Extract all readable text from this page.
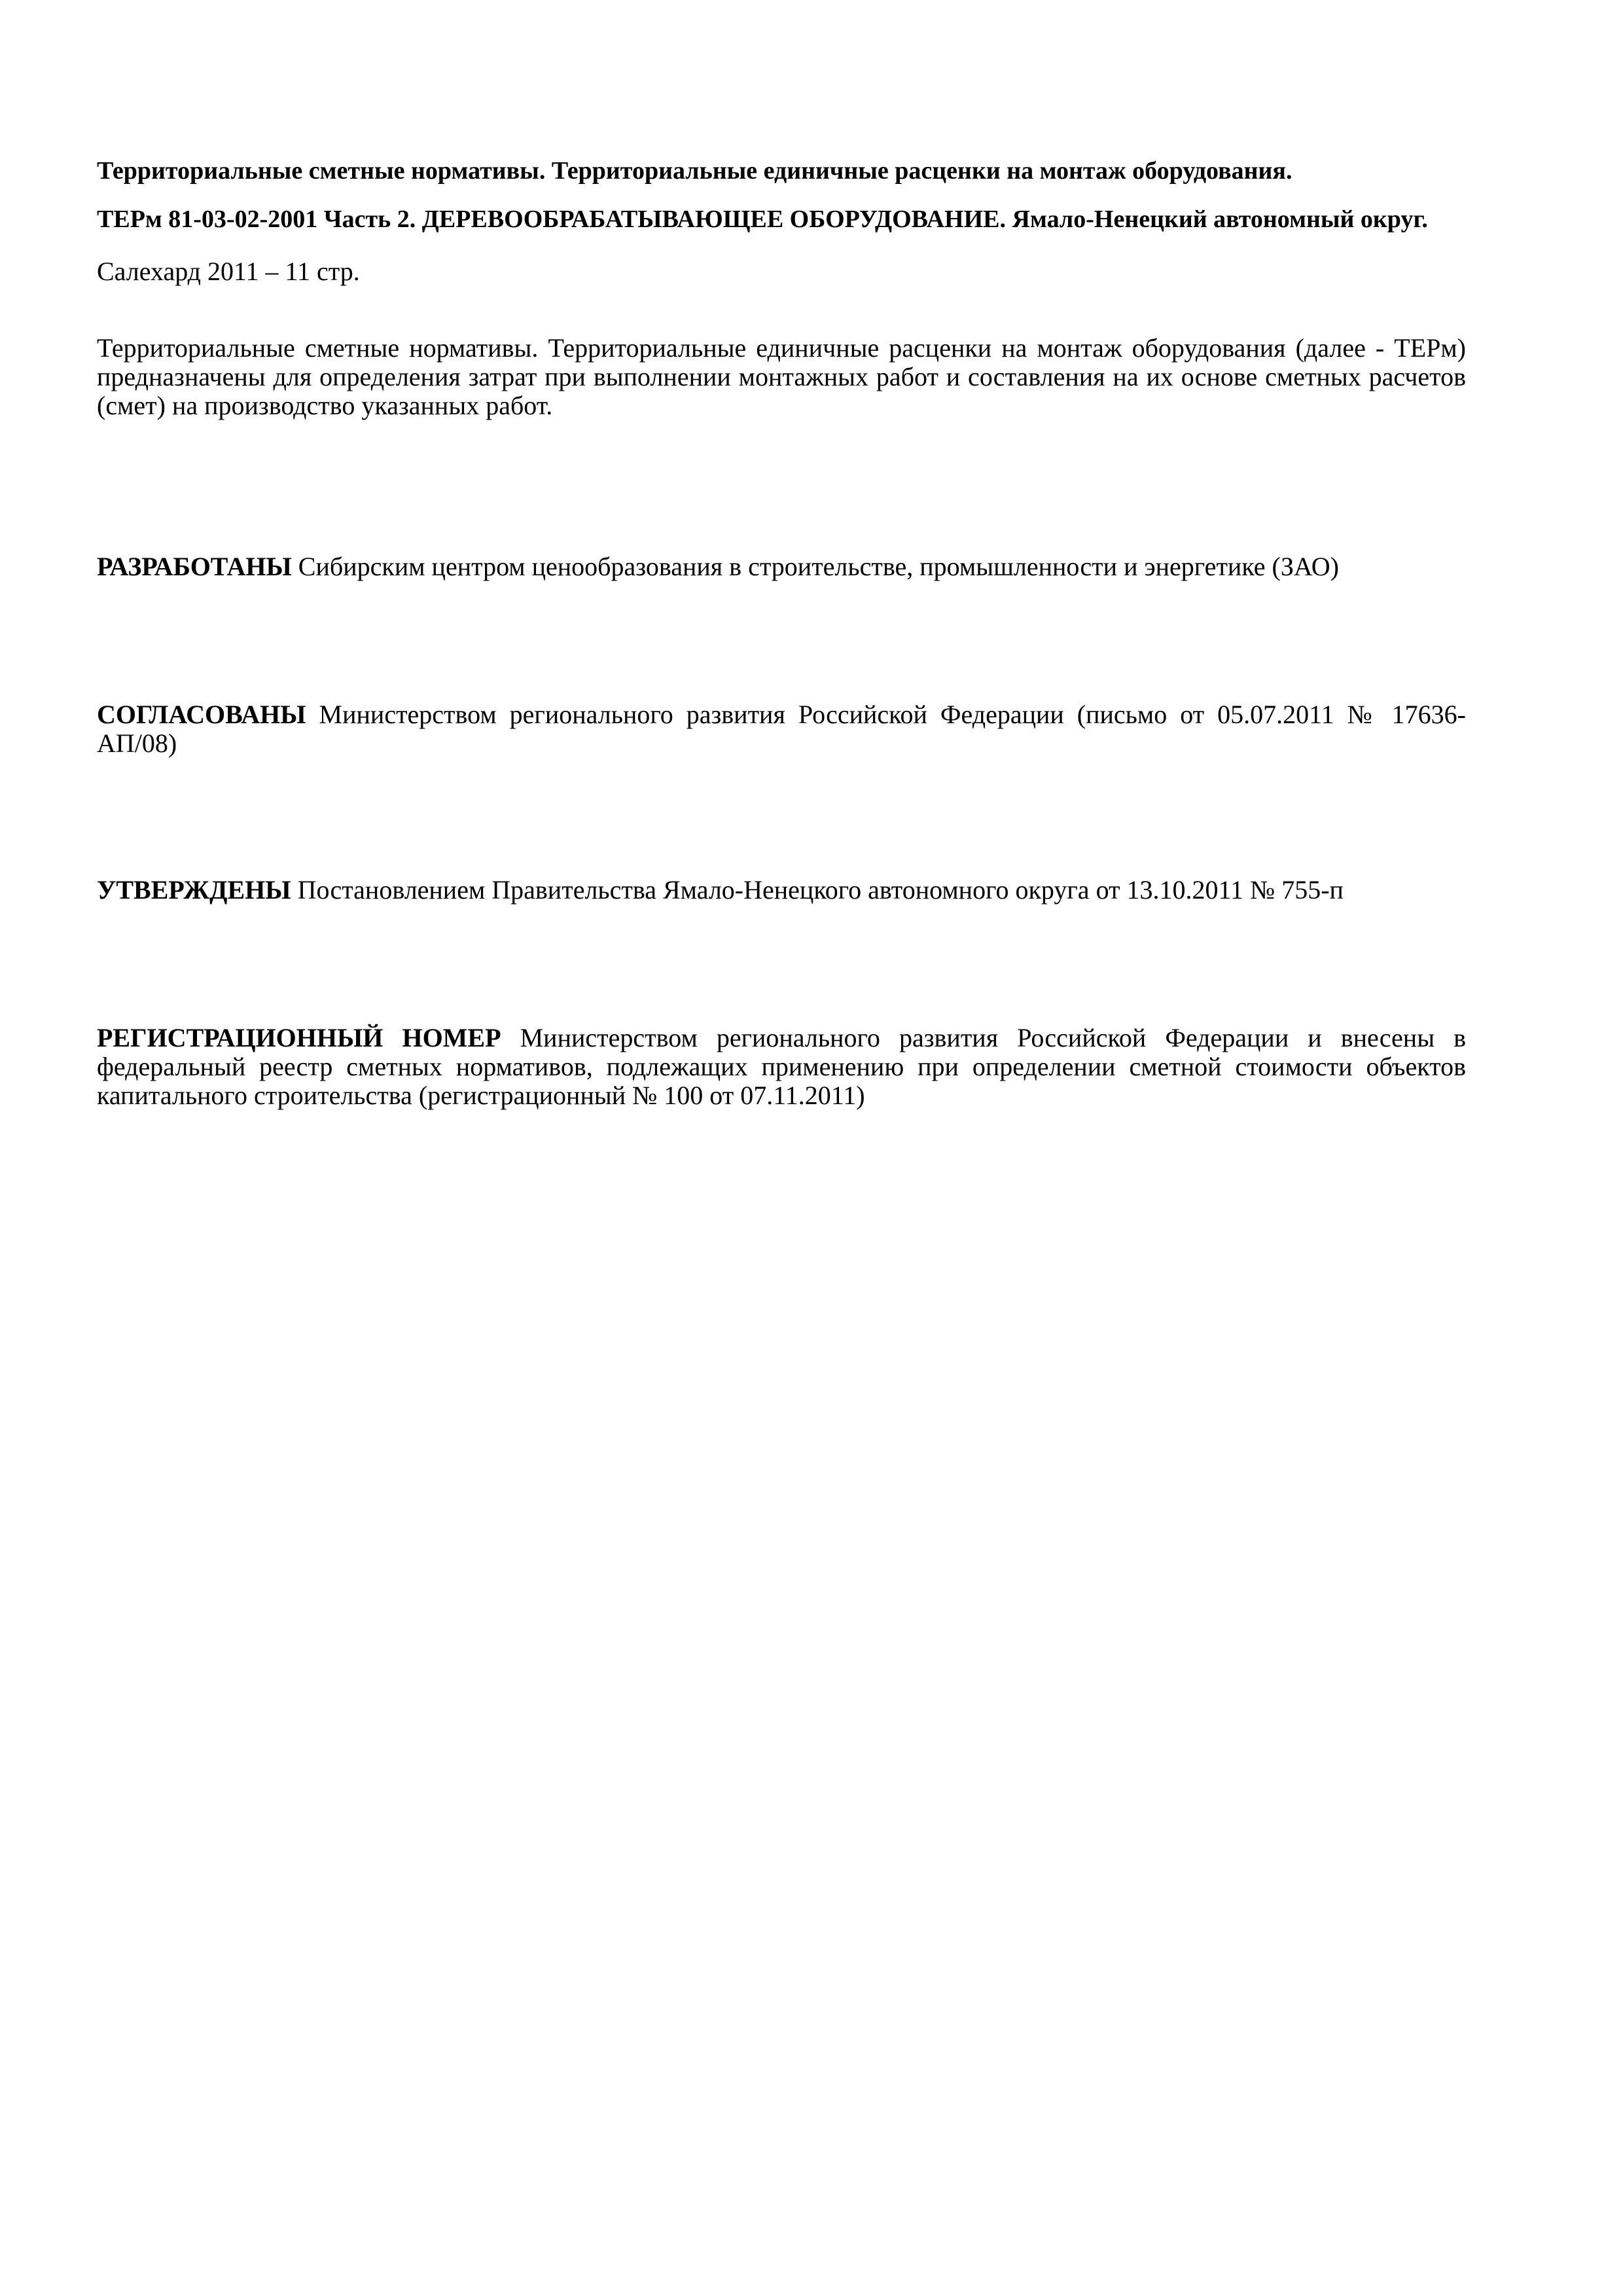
Территориальные сметные нормативы. Территориальные единичные расценки на монтаж оборудования.

ТЕРм 81-03-02-2001 Часть 2. ДЕРЕВООБРАБАТЫВАЮЩЕЕ ОБОРУДОВАНИЕ. Ямало-Ненецкий автономный округ.

Салехард 2011 – 11 стр.

Территориальные сметные нормативы. Территориальные единичные расценки на монтаж оборудования (далее - ТЕРм) предназначены для определения затрат при выполнении монтажных работ и составления на их основе сметных расчетов (смет) на производство указанных работ.

РАЗРАБОТАНЫ Сибирским центром ценообразования в строительстве, промышленности и энергетике (ЗАО)

СОГЛАСОВАНЫ Министерством регионального развития Российской Федерации (письмо от 05.07.2011 № 17636-АП/08)

УТВЕРЖДЕНЫ Постановлением Правительства Ямало-Ненецкого автономного округа от 13.10.2011 № 755-п

РЕГИСТРАЦИОННЫЙ НОМЕР Министерством регионального развития Российской Федерации и внесены в федеральный реестр сметных нормативов, подлежащих применению при определении сметной стоимости объектов капитального строительства (регистрационный № 100 от 07.11.2011)
